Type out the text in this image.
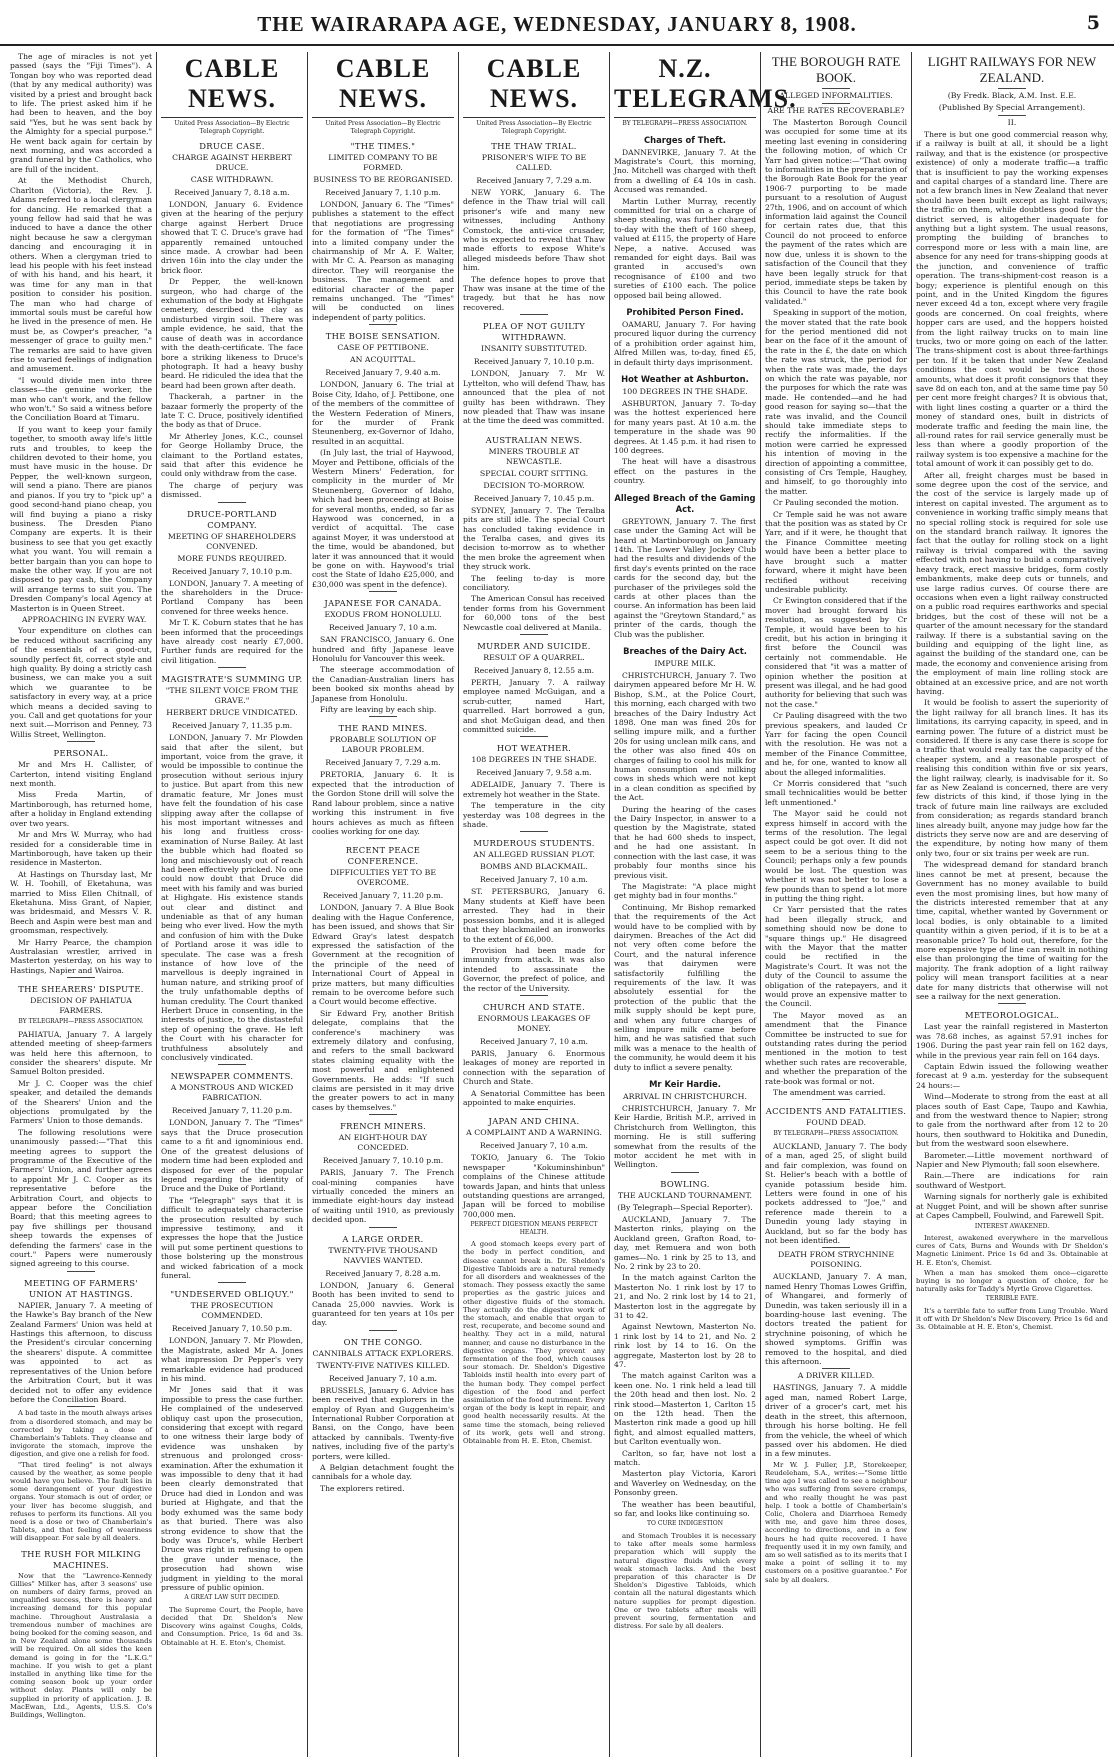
THE WAIRARAPA AGE, WEDNESDAY, JANUARY 8, 1908.	5

The age of miracles is not yet passed (says the "Fiji Times"). A Tongan boy who was reported dead (that by any medical authority) was visited by a priest and brought back to life. The priest asked him if he had been to heaven, and the boy said "Yes, but he was sent back by the Almighty for a special purpose." He went back again for certain by next morning, and was accorded a grand funeral by the Catholics, who are full of the incident.

At the Methodist Church, Charlton (Victoria), the Rev. J. Adams referred to a local clergyman for dancing. He remarked that a young fellow had said that he was induced to have a dance the other night because he saw a clergyman dancing and encouraging it in others. When a clergyman tried to lead his people with his feet instead of with his hand, and his heart, it was time for any man in that position to consider his position. The man who had charge of immortal souls must be careful how he lived in the presence of men. He must be, as Cowper's preacher, "a messenger of grace to guilty men." The remarks are said to have given rise to varied feelings of indignation and amusement.

"I would divide men into three classes—the genuine worker, the man who can't work, and the fellow who won't." So said a witness before the Conciliation Board at Timaru.

If you want to keep your family together, to smooth away life's little ruts and troubles, to keep the children devoted to their home, you must have music in the house. Dr Pepper, the well-known surgeon, will send a piano. There are pianos and pianos. If you try to "pick up" a good second-hand piano cheap, you will find buying a piano a risky business. The Dresden Piano Company are experts. It is their business to see that you get exactly what you want. You will remain a better bargain than you can hope to make the other way. If you are not disposed to pay cash, the Company will arrange terms to suit you. The Dresden Company's local Agency at Masterton is in Queen Street.

APPROACHING IN EVERY WAY.

Your expenditure on clothes can be reduced without sacrificing any of the essentials of a good-cut, soundly perfect fit, correct style and high quality. By doing a strictly cash business, we can make you a suit which we guarantee to be satisfactory in every way, at a price which means a decided saving to you. Call and get quotations for your next suit.—Morrison and Penney, 73 Willis Street, Wellington.

PERSONAL.

Mr and Mrs H. Callister, of Carterton, intend visiting England next month.

Miss Freda Martin, of Martinborough, has returned home, after a holiday in England extending over two years.

Mr and Mrs W. Murray, who had resided for a considerable time in Martinborough, have taken up their residence in Masterton.

At Hastings on Thursday last, Mr W. H. Toohill, of Eketahuna, was married to Miss Ellen Chitnall, of Eketahuna. Miss Grant, of Napier, was bridesmaid, and Messrs V. R. Beech and Aspin were best man and groomsman, respectively.

Mr Harry Pearce, the champion Australasian wrestler, arrived in Masterton yesterday, on his way to Hastings, Napier and Wairoa.

THE SHEARERS' DISPUTE.
DECISION OF PAHIATUA FARMERS.
BY TELEGRAPH—PRESS ASSOCIATION.

PAHIATUA, January 7. A largely attended meeting of sheep-farmers was held here this afternoon, to consider the shearers' dispute. Mr Samuel Bolton presided.

Mr J. C. Cooper was the chief speaker, and detailed the demands of the Shearers' Union and the objections promulgated by the Farmers' Union to those demands.

The following resolutions were unanimously passed:—"That this meeting agrees to support the programme of the Executive of the Farmers' Union, and further agrees to appoint Mr J. C. Cooper as its representative before the Arbitration Court, and objects to appear before the Conciliation Board; that this meeting agrees to pay five shillings per thousand sheep towards the expenses of defending the farmers' case in the court." Papers were numerously signed agreeing to this course.

MEETING OF FARMERS' UNION AT HASTINGS.

NAPIER, January 7. A meeting of the Hawke's Bay branch of the New Zealand Farmers' Union was held at Hastings this afternoon, to discuss the President's circular concerning the shearers' dispute. A committee was appointed to act as representatives of the Union before the Arbitration Court, but it was decided not to offer any evidence before the Conciliation Board.

A bad taste in the mouth always arises from a disordered stomach, and may be corrected by taking a dose of Chamberlain's Tablets. They cleanse and invigorate the stomach, improve the digestion, and give one a relish for food.

"That tired feeling" is not always caused by the weather, as some people would have you believe. The fault lies in some derangement of your digestive organs. Your stomach is out of order, or your liver has become sluggish, and refuses to perform its functions. All you need is a dose or two of Chamberlain's Tablets, and that feeling of weariness will disappear. For sale by all dealers.

THE RUSH FOR MILKING MACHINES.

Now that the "Lawrence-Kennedy Gillies" Milker has, after 3 seasons' use on numbers of dairy farms, proved an unqualified success, there is heavy and increasing demand for this popular machine. Throughout Australasia a tremendous number of machines are being booked for the coming season, and in New Zealand alone some thousands will be required. On all sides the keen demand is going in for the "L.K.G." machine. If you wish to get a plant installed in anything like time for the coming season book up your order without delay. Plants will only be supplied in priority of application. J. B. MacEwan, Ltd., Agents, U.S.S. Co's Buildings, Wellington.

CABLE NEWS.
United Press Association—By Electric Telegraph Copyright.
DRUCE CASE.
CHARGE AGAINST HERBERT DRUCE.
CASE WITHDRAWN.
Received January 7, 8.18 a.m.

LONDON, January 6. Evidence given at the hearing of the perjury charge against Herbert Druce showed that T. C. Druce's grave had apparently remained untouched since made. A crowbar had been driven 16in into the clay under the brick floor.

Dr Pepper, the well-known surgeon, who had charge of the exhumation of the body at Highgate cemetery, described the clay as undisturbed virgin soil. There was ample evidence, he said, that the cause of death was in accordance with the death-certificate. The face bore a striking likeness to Druce's photograph. It had a heavy bushy beard. He ridiculed the idea that the beard had been grown after death.

Thackerah, a partner in the bazaar formerly the property of the late T. C. Druce, positively identified the body as that of Druce.

Mr Atherley Jones, K.C., counsel for George Hollamby Druce, the claimant to the Portland estates, said that after this evidence he could only withdraw from the case.

The charge of perjury was dismissed.

DRUCE-PORTLAND COMPANY.
MEETING OF SHAREHOLDERS CONVENED.
MORE FUNDS REQUIRED.
Received January 7, 10.10 p.m.

LONDON, January 7. A meeting of the shareholders in the Druce-Portland Company has been convened for three weeks hence.

Mr T. K. Coburn states that he has been informed that the proceedings have already cost nearly £7,000. Further funds are required for the civil litigation.

MAGISTRATE'S SUMMING UP.
"THE SILENT VOICE FROM THE GRAVE."
HERBERT DRUCE VINDICATED.
Received January 7, 11.35 p.m.

LONDON, January 7. Mr Plowden said that after the silent, but important, voice from the grave, it would be impossible to continue the prosecution without serious injury to justice. But apart from this new dramatic feature, Mr Jones must have felt the foundation of his case slipping away after the collapse of his most important witnesses and his long and fruitless cross-examination of Nurse Bailey. At last the bubble which had floated so long and mischievously out of reach had been effectively pricked. No one could now doubt that Druce did meet with his family and was buried at Highgate. His existence stands out clear and distinct and undeniable as that of any human being who ever lived. How the myth and confusion of him with the Duke of Portland arose it was idle to speculate. The case was a fresh instance of how love of the marvellous is deeply ingrained in human nature, and striking proof of the truly unfathomable depths of human credulity. The Court thanked Herbert Druce in consenting, in the interests of justice, to the distasteful step of opening the grave. He left the Court with his character for truthfulness absolutely and conclusively vindicated.

NEWSPAPER COMMENTS.
A MONSTROUS AND WICKED FABRICATION.
Received January 7, 11.20 p.m.

LONDON, January 7. The "Times" says that the Druce prosecution came to a fit and ignominious end. One of the greatest delusions of modern time had been exploded and disposed for ever of the popular legend regarding the identity of Druce and the Duke of Portland.

The "Telegraph" says that it is difficult to adequately characterise the prosecution resulted by such impressive testimony, and it expresses the hope that the Justice will put some pertinent questions to those bolstering up the monstrous and wicked fabrication of a mock funeral.

"UNDESERVED OBLIQUY."
THE PROSECUTION COMMENDED.
Received January 7, 10.50 p.m.

LONDON, January 7. Mr Plowden, the Magistrate, asked Mr A. Jones what impression Dr Pepper's very remarkable evidence had produced in his mind.

Mr Jones said that it was impossible to press the case further. He complained of the undeserved obliquy cast upon the prosecution, considering that except with regard to one witness their large body of evidence was unshaken by strenuous and prolonged cross-examination. After the exhumation it was impossible to deny that it had been clearly demonstrated that Druce had died in London and was buried at Highgate, and that the body exhumed was the same body as that buried. There was also strong evidence to show that the body was Druce's, while Herbert Druce was right in refusing to open the grave under menace, the prosecution had shown wise judgment in yielding to the moral pressure of public opinion.

A GREAT LAW SUIT DECIDED.

The Supreme Court, the People, have decided that Dr. Sheldon's New Discovery wins against Coughs, Colds, and Consumption. Price, 1s 6d and 3s. Obtainable at H. E. Eton's, Chemist.

CABLE NEWS.
United Press Association—By Electric Telegraph Copyright.
"THE TIMES."
LIMITED COMPANY TO BE FORMED.
BUSINESS TO BE REORGANISED.
Received January 7, 1.10 p.m.

LONDON, January 6. The "Times" publishes a statement to the effect that negotiations are progressing for the formation of "The Times" into a limited company under the chairmanship of Mr A. F. Walter, with Mr C. A. Pearson as managing director. They will reorganise the business. The management and editorial character of the paper remains unchanged. The "Times" will be conducted on lines independent of party politics.

THE BOISE SENSATION.
CASE OF PETTIBONE.
AN ACQUITTAL.
Received January 7, 9.40 a.m.

LONDON, January 6. The trial at Boise City, Idaho, of J. Pettibone, one of the members of the committee of the Western Federation of Miners, for the murder of Frank Steunenberg, ex-Governor of Idaho, resulted in an acquittal.

(In July last, the trial of Haywood, Moyer and Pettibone, officials of the Western Miners' Federation, for complicity in the murder of Mr Steunenberg, Governor of Idaho, which had been proceeding at Boise for several months, ended, so far as Haywood was concerned, in a verdict of acquittal. The case against Moyer, it was understood at the time, would be abandoned, but later it was announced that it would be gone on with. Haywood's trial cost the State of Idaho £25,000, and £30,000 was spent in the defence).

JAPANESE FOR CANADA.
EXODUS FROM HONOLULU.
Received January 7, 10 a.m.

SAN FRANCISCO, January 6. One hundred and fifty Japanese leave Honolulu for Vancouver this week.

The steerage accommodation of the Canadian-Australian liners has been booked six months ahead by Japanese from Honolulu.

Fifty are leaving by each ship.

THE RAND MINES.
PROBABLE SOLUTION OF LABOUR PROBLEM.
Received January 7, 7.29 a.m.

PRETORIA, January 6. It is expected that the introduction of the Gordon Stone drill will solve the Rand labour problem, since a native working this instrument in five hours achieves as much as fifteen coolies working for one day.

RECENT PEACE CONFERENCE.
DIFFICULTIES YET TO BE OVERCOME.
Received January 7, 11.20 p.m.

LONDON, January 7. A Blue Book dealing with the Hague Conference, has been issued, and shows that Sir Edward Gray's latest despatch expressed the satisfaction of the Government at the recognition of the principle of the need of International Court of Appeal in prize matters, but many difficulties remain to be overcome before such a Court would become effective.

Sir Edward Fry, another British delegate, complains that the conference's machinery was extremely dilatory and confusing, and refers to the small backward states claiming equality with the most powerful and enlightened Governments. He adds: "If such claims are persisted in it may drive the greater powers to act in many cases by themselves."

FRENCH MINERS.
AN EIGHT-HOUR DAY CONCEDED.
Received January 7, 10.10 p.m.

PARIS, January 7. The French coal-mining companies have virtually conceded the miners an immediate eight-hours day instead of waiting until 1910, as previously decided upon.

A LARGE ORDER.
TWENTY-FIVE THOUSAND NAVVIES WANTED.
Received January 7, 8.28 a.m.

LONDON, January 6. General Booth has been invited to send to Canada 25,000 navvies. Work is guaranteed for ten years at 10s per day.

ON THE CONGO.
CANNIBALS ATTACK EXPLORERS.
TWENTY-FIVE NATIVES KILLED.
Received January 7, 10 a.m.

BRUSSELS, January 6. Advice has been received that explorers in the employ of Ryan and Guggenheim's International Rubber Corporation at Bansi, on the Congo, have been attacked by cannibals. Twenty-five natives, including five of the party's porters, were killed.

A Belgian detachment fought the cannibals for a whole day.

The explorers retired.

CABLE NEWS.
United Press Association—By Electric Telegraph Copyright.
THE THAW TRIAL.
PRISONER'S WIFE TO BE CALLED.
Received January 7, 7.29 a.m.

NEW YORK, January 6. The defence in the Thaw trial will call prisoner's wife and many new witnesses, including Anthony Comstock, the anti-vice crusader, who is expected to reveal that Thaw made efforts to expose White's alleged misdeeds before Thaw shot him.

The defence hopes to prove that Thaw was insane at the time of the tragedy, but that he has now recovered.

PLEA OF NOT GUILTY WITHDRAWN.
INSANITY SUBSTITUTED.
Received January 7, 10.10 p.m.

LONDON, January 7. Mr W. Lyttelton, who will defend Thaw, has announced that the plea of not guilty has been withdrawn. They now pleaded that Thaw was insane at the time the deed was committed.

AUSTRALIAN NEWS.
MINERS TROUBLE AT NEWCASTLE.
SPECIAL COURT SITTING.
DECISION TO-MORROW.
Received January 7, 10.45 p.m.

SYDNEY, January 7. The Teralba pits are still idle. The special Court has concluded taking evidence in the Teralba cases, and gives its decision to-morrow as to whether the men broke the agreement when they struck work.

The feeling to-day is more conciliatory.

The American Consul has received tender forms from his Government for 60,000 tons of the best Newcastle coal delivered at Manila.

MURDER AND SUICIDE.
RESULT OF A QUARREL.
Received January 8, 12.55 a.m.

PERTH, January 7. A railway employee named McGuigan, and a scrub-cutter, named Hart, quarrelled. Hart borrowed a gun, and shot McGuigan dead, and then committed suicide.

HOT WEATHER.
108 DEGREES IN THE SHADE.
Received January 7, 9.58 a.m.

ADELAIDE, January 7. There is extremely hot weather in the State.

The temperature in the city yesterday was 108 degrees in the shade.

MURDEROUS STUDENTS.
AN ALLEGED RUSSIAN PLOT.
BOMBS AND BLACKMAIL.
Received January 7, 10 a.m.

ST. PETERSBURG, January 6. Many students at Kieff have been arrested. They had in their possession bombs, and it is alleged that they blackmailed an ironworks to the extent of £6,000.

Provision had been made for immunity from attack. It was also intended to assassinate the Governor, the prefect of police, and the rector of the University.

CHURCH AND STATE.
ENORMOUS LEAKAGES OF MONEY.
Received January 7, 10 a.m.

PARIS, January 6. Enormous leakages of money are reported in connection with the separation of Church and State.

A Senatorial Committee has been appointed to make enquiries.

JAPAN AND CHINA.
A COMPLAINT AND A WARNING.
Received January 7, 10 a.m.

TOKIO, January 6. The Tokio newspaper "Kokuminshinbun" complains of the Chinese attitude towards Japan, and hints that unless outstanding questions are arranged, Japan will be forced to mobilise 700,000 men.

PERFECT DIGESTION MEANS PERFECT HEALTH.

A good stomach keeps every part of the body in perfect condition, and disease cannot break in. Dr. Sheldon's Digestive Tabloids are a natural remedy for all disorders and weaknesses of the stomach. They possess exactly the same properties as the gastric juices and other digestive fluids of the stomach. They actually do the digestive work of the stomach, and enable that organ to rest, recuperate, and become sound and healthy. They act in a mild, natural manner, and cause no disturbance in the digestive organs. They prevent any fermentation of the food, which causes sour stomach. Dr. Sheldon's Digestive Tabloids instil health into every part of the human body. They compel perfect digestion of the food and perfect assimilation of the food nutriment. Every organ of the body is kept in repair, and good health necessarily results. At the same time the stomach, being relieved of its work, gets well and strong. Obtainable from H. E. Eton, Chemist.

N.Z. TELEGRAMS.
BY TELEGRAPH—PRESS ASSOCIATION.
Charges of Theft.

DANNEVIRKE, January 7. At the Magistrate's Court, this morning, Jno. Mitchell was charged with theft from a dwelling of £4 10s in cash. Accused was remanded.

Martin Luther Murray, recently committed for trial on a charge of sheep stealing, was further charged to-day with the theft of 160 sheep, valued at £115, the property of Hare Nepe, a native. Accused was remanded for eight days. Bail was granted in accused's own recognisance of £100 and two sureties of £100 each. The police opposed bail being allowed.

Prohibited Person Fined.

OAMARU, January 7. For having procured liquor during the currency of a prohibition order against him, Alfred Millen was, to-day, fined £5, in default thirty days imprisonment.

Hot Weather at Ashburton.
100 DEGREES IN THE SHADE.

ASHBURTON, January 7. To-day was the hottest experienced here for many years past. At 10 a.m. the temperature in the shade was 90 degrees. At 1.45 p.m. it had risen to 100 degrees.

The heat will have a disastrous effect on the pastures in the country.

Alleged Breach of the Gaming Act.

GREYTOWN, January 7. The first case under the Gaming Act will be heard at Martinborough on January 14th. The Lower Valley Jockey Club had the results and dividends of the first day's events printed on the race cards for the second day, but the purchaser of the privileges sold the cards at other places than the course. An information has been laid against the "Greytown Standard," as printer of the cards, though the Club was the publisher.

Breaches of the Dairy Act.
IMPURE MILK.

CHRISTCHURCH, January 7. Two dairymen appeared before Mr H. W. Bishop, S.M., at the Police Court, this morning, each charged with two breaches of the Dairy Industry Act 1898. One man was fined 20s for selling impure milk, and a further 20s for using unclean milk cans, and the other was also fined 40s on charges of failing to cool his milk for human consumption and milking cows in sheds which were not kept in a clean condition as specified by the Act.

During the hearing of the cases the Dairy Inspector, in answer to a question by the Magistrate, stated that he had 600 sheds to inspect, and he had one assistant. In connection with the last case, it was probably four months since his previous visit.

The Magistrate: "A place might get mighty bad in four months."

Continuing, Mr Bishop remarked that the requirements of the Act would have to be complied with by dairymen. Breaches of the Act did not very often come before the Court, and the natural inference was that dairymen were satisfactorily fulfilling the requirements of the law. It was absolutely essential for the protection of the public that the milk supply should be kept pure, and when any future charges of selling impure milk came before him, and he was satisfied that such milk was a menace to the health of the community, he would deem it his duty to inflict a severe penalty.

Mr Keir Hardie.
ARRIVAL IN CHRISTCHURCH.

CHRISTCHURCH, January 7. Mr Keir Hardie, British M.P., arrived in Christchurch from Wellington, this morning. He is still suffering somewhat from the results of the motor accident he met with in Wellington.

BOWLING.
THE AUCKLAND TOURNAMENT.
(By Telegraph—Special Reporter).

AUCKLAND, January 7. The Masterton rinks, playing on the Auckland green, Grafton Road, to-day, met Remuera and won both games—No. 1 rink by 25 to 13, and No. 2 rink by 23 to 20.

In the match against Carlton the Masterton No. 1 rink lost by 17 to 21, and No. 2 rink lost by 14 to 21, Masterton lost in the aggregate by 31 to 42.

Against Newtown, Masterton No. 1 rink lost by 14 to 21, and No. 2 rink lost by 14 to 16. On the aggregate, Masterton lost by 28 to 47.

The match against Carlton was a keen one. No. 1 rink held a lead till the 20th head and then lost. No. 2 rink stood—Masterton 1, Carlton 15 on the 12th head. Then the Masterton rink made a good up hill fight, and almost equalled matters, but Carlton eventually won.

Carlton, so far, have not lost a match.

Masterton play Victoria, Karori and Waverley on Wednesday, on the Ponsonby green.

The weather has been beautiful, so far, and looks like continuing so.

TO CURE INDIGESTION

and Stomach Troubles it is necessary to take after meals some harmless preparation which will supply the natural digestive fluids which every weak stomach lacks. And the best preparation of this character is Dr Sheldon's Digestive Tabloids, which contain all the natural digestants which nature supplies for prompt digestion. One or two tablets after meals will prevent souring, fermentation and distress. For sale by all dealers.

THE BOROUGH RATE BOOK.
ALLEGED INFORMALITIES.
ARE THE RATES RECOVERABLE?

The Masterton Borough Council was occupied for some time at its meeting last evening in considering the following motion, of which Cr Yarr had given notice:—"That owing to informalities in the preparation of the Borough Rate Book for the year 1906-7 purporting to be made pursuant to a resolution of August 27th, 1906, and on account of which information laid against the Council for certain rates due, that this Council do not proceed to enforce the payment of the rates which are now due, unless it is shown to the satisfaction of the Council that they have been legally struck for that period, immediate steps be taken by this Council to have the rate book validated."

Speaking in support of the motion, the mover stated that the rate book for the period mentioned did not bear on the face of it the amount of the rate in the £, the date on which the rate was struck, the period for when the rate was made, the days on which the rate was payable, nor the purposes for which the rate was made. He contended—and he had good reason for saying so—that the rate was invalid, and the Council should take immediate steps to rectify the informalities. If the motion were carried he expressed his intention of moving in the direction of appointing a committee, consisting of Crs Temple, Haughey, and himself, to go thoroughly into the matter.

Cr Pauling seconded the motion.

Cr Temple said he was not aware that the position was as stated by Cr Yarr, and if it were, he thought that the Finance Committee meeting would have been a better place to have brought such a matter forward, where it might have been rectified without receiving undesirable publicity.

Cr Ewington considered that if the mover had brought forward his resolution, as suggested by Cr Temple, it would have been to his credit, but his action in bringing it first before the Council was certainly not commendable. He considered that "it was a matter of opinion whether the position at present was illegal, and he had good authority for believing that such was not the case."

Cr Pauling disagreed with the two previous speakers, and lauded Cr Yarr for facing the open Council with the resolution. He was not a member of the Finance Committee, and he, for one, wanted to know all about the alleged informalities.

Cr Morris considered that "such small technicalities would be better left unmentioned."

The Mayor said he could not express himself in accord with the terms of the resolution. The legal aspect could be got over. It did not seem to be a serious thing to the Council; perhaps only a few pounds would be lost. The question was whether it was not better to lose a few pounds than to spend a lot more in putting the thing right.

Cr Yarr persisted that the rates had been illegally struck, and something should now be done to "square things up." He disagreed with the Mayor that the matter could be rectified in the Magistrate's Court. It was not the duty of the Council to assume the obligation of the ratepayers, and it would prove an expensive matter to the Council.

The Mayor moved as an amendment that the Finance Committee be instructed to sue for outstanding rates during the period mentioned in the motion to test whether such rates are recoverable, and whether the preparation of the rate-book was formal or not.

The amendment was carried.

ACCIDENTS AND FATALITIES.
FOUND DEAD.
BY TELEGRAPH—PRESS ASSOCIATION.

AUCKLAND, January 7. The body of a man, aged 25, of slight build and fair complexion, was found on St. Helier's beach with a bottle of cyanide potassium beside him. Letters were found in one of his pockets addressed to "Joe," and reference made therein to a Dunedin young lady staying in Auckland, but so far the body has not been identified.

DEATH FROM STRYCHNINE POISONING.

AUCKLAND, January 7. A man, named Henry Thomas Lowes Griffin, of Whangarei, and formerly of Dunedin, was taken seriously ill in a boarding-house last evening. The doctors treated the patient for strychnine poisoning, of which he showed symptoms. Griffin was removed to the hospital, and died this afternoon.

A DRIVER KILLED.

HASTINGS, January 7. A middle aged man, named Robert Large, driver of a grocer's cart, met his death in the street, this afternoon, through his horse bolting. He fell from the vehicle, the wheel of which passed over his abdomen. He died in a few minutes.

Mr W. J. Fuller, J.P., Storekeeper, Reudeleham, S.A., writes:—"Some little time ago I was called to see a neighbour who was suffering from severe cramps, and who really thought he was past help. I took a bottle of Chamberlain's Colic, Cholera and Diarrhoea Remedy with me, and gave him three doses, according to directions, and in a few hours he had quite recovered. I have frequently used it in my own family, and am so well satisfied as to its merits that I make a point of selling it to my customers on a positive guarantee." For sale by all dealers.

LIGHT RAILWAYS FOR NEW ZEALAND.
(By Fredk. Black, A.M. Inst. E.E.
(Published By Special Arrangement).
II.

There is but one good commercial reason why, if a railway is built at all, it should be a light railway, and that is the existence (or prospective existence) of only a moderate traffic—a traffic that is insufficient to pay the working expenses and capital charges of a standard line. There are not a few branch lines in New Zealand that never should have been built except as light railways; the traffic on them, while doubtless good for the district served, is altogether inadequate for anything but a light system. The usual reasons, prompting the building of branches to correspond more or less with a main line, are absence for any need for trans-shipping goods at the junction, and convenience of traffic operation. The trans-shipment-cost reason is a bogy; experience is plentiful enough on this point, and in the United Kingdom the figures never exceed 4d a ton, except where very fragile goods are concerned. On coal freights, where hopper cars are used, and the hoppers hoisted from the light railway trucks on to main line trucks, two or more going on each of the latter. The trans-shipment cost is about three-farthings per ton. If it be taken that under New Zealand conditions the cost would be twice those amounts, what does it profit consignors that they save 8d on each ton, and at the same time pay 50 per cent more freight charges? It is obvious that, with light lines costing a quarter or a third the money of standard ones, built in districts of moderate traffic and feeding the main line, the all-round rates for rail service generally must be less than where a goodly proportion of the railway system is too expensive a machine for the total amount of work it can possibly get to do.

After all, freight charges must be based in some degree upon the cost of the service, and the cost of the service is largely made up of interest on capital invested. The argument as to convenience in working traffic simply means that no special rolling stock is required for sole use on the standard branch railway. It ignores the fact that the outlay for rolling stock on a light railway is trivial compared with the saving effected with not having to build a comparatively heavy track, erect massive bridges, form costly embankments, make deep cuts or tunnels, and use large radius curves. Of course there are occasions when even a light railway constructed on a public road requires earthworks and special bridges, but the cost of these will not be a quarter of the amount necessary for the standard railway. If there is a substantial saving on the building and equipping of the light line, as against the building of the standard one, can be made, the economy and convenience arising from the employment of main line rolling stock are obtained at an excessive price, and are not worth having.

It would be foolish to assert the superiority of the light railway for all branch lines. It has its limitations, its carrying capacity, in speed, and in earning power. The future of a district must be considered. If there is any case there is scope for a traffic that would really tax the capacity of the cheaper system, and a reasonable prospect of realising this condition within five or six years, the light railway, clearly, is inadvisable for it. So far as New Zealand is concerned, there are very few districts of this kind, if those lying in the track of future main line railways are excluded from consideration; as regards standard branch lines already built, anyone may judge how far the districts they serve now are and are deserving of the expenditure, by noting how many of them only two, four or six trains per week are run.

The widespread demand for standard branch lines cannot be met at present, because the Government has no money available to build even the most promising lines, but how many of the districts interested remember that at any time, capital, whether wanted by Government or local bodies, is only obtainable to a limited quantity within a given period, if it is to be at a reasonable price? To hold out, therefore, for the more expensive type of line can result in nothing else than prolonging the time of waiting for the majority. The frank adoption of a light railway policy will mean transport facilities at a near date for many districts that otherwise will not see a railway for the next generation.

METEOROLOGICAL.

Last year the rainfall registered in Masterton was 78.68 inches, as against 57.91 inches for 1906. During the past year rain fell on 162 days, while in the previous year rain fell on 164 days.

Captain Edwin issued the following weather forecast at 9 a.m. yesterday for the subsequent 24 hours:—

Wind—Moderate to strong from the east at all places south of East Cape, Taupo and Kawhia, and from the westward thence to Napier; strong to gale from the northward after from 12 to 20 hours, then southward to Hokitika and Dunedin, but from the westward soon elsewhere.

Barometer.—Little movement northward of Napier and New Plymouth; fall soon elsewhere.

Rain.—There are indications for rain southward of Westport.

Warning signals for northerly gale is exhibited at Nugget Point, and will be shown after sunrise at Capes Campbell, Foulwind, and Farewell Spit.

INTEREST AWAKENED.

Interest, awakened everywhere in the marvellous cures of Cats, Burns and Wounds with Dr Sheldon's Magnetic Liniment. Price 1s 6d and 3s. Obtainable at H. E. Eton's, Chemist.

When a man has smoked them once—cigarette buying is no longer a question of choice, for he naturally asks for Taddy's Myrtle Grove Cigarettes.

TERRIBLE FATE.

It's a terrible fate to suffer from Lung Trouble. Ward it off with Dr Sheldon's New Discovery. Price 1s 6d and 3s. Obtainable at H. E. Eton's, Chemist.
